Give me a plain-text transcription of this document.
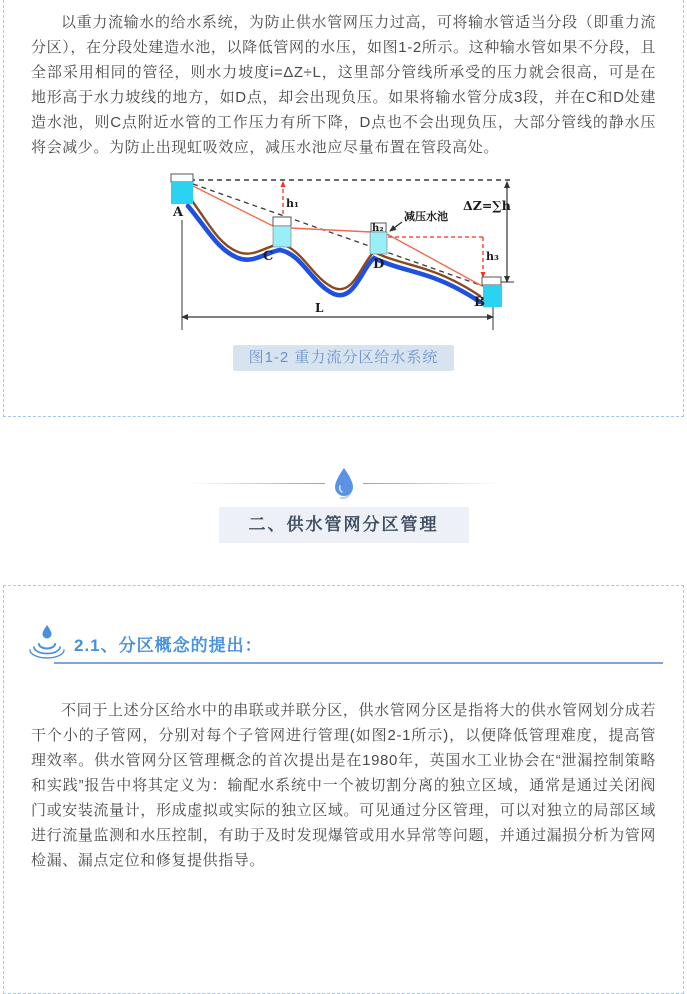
以重力流输水的给水系统，为防止供水管网压力过高，可将输水管适当分段（即重力流分区），在分段处建造水池，以降低管网的水压，如图1-2所示。这种输水管如果不分段，且全部采用相同的管径，则水力坡度i=ΔZ÷L，这里部分管线所承受的压力就会很高，可是在地形高于水力坡线的地方，如D点，却会出现负压。如果将输水管分成3段，并在C和D处建造水池，则C点附近水管的工作压力有所下降，D点也不会出现负压，大部分管线的静水压将会减少。为防止出现虹吸效应，减压水池应尽量布置在管段高处。

A
C
h₂
D
B
h₁
h₃
ΔZ=∑h
L
减压水池
图1-2 重力流分区给水系统
二、供水管网分区管理
2.1、分区概念的提出：

不同于上述分区给水中的串联或并联分区，供水管网分区是指将大的供水管网划分成若干个小的子管网，分别对每个子管网进行管理(如图2-1所示)，以便降低管理难度，提高管理效率。供水管网分区管理概念的首次提出是在1980年，英国水工业协会在“泄漏控制策略和实践”报告中将其定义为：输配水系统中一个被切割分离的独立区域，通常是通过关闭阀门或安装流量计，形成虚拟或实际的独立区域。可见通过分区管理，可以对独立的局部区域进行流量监测和水压控制，有助于及时发现爆管或用水异常等问题，并通过漏损分析为管网检漏、漏点定位和修复提供指导。
